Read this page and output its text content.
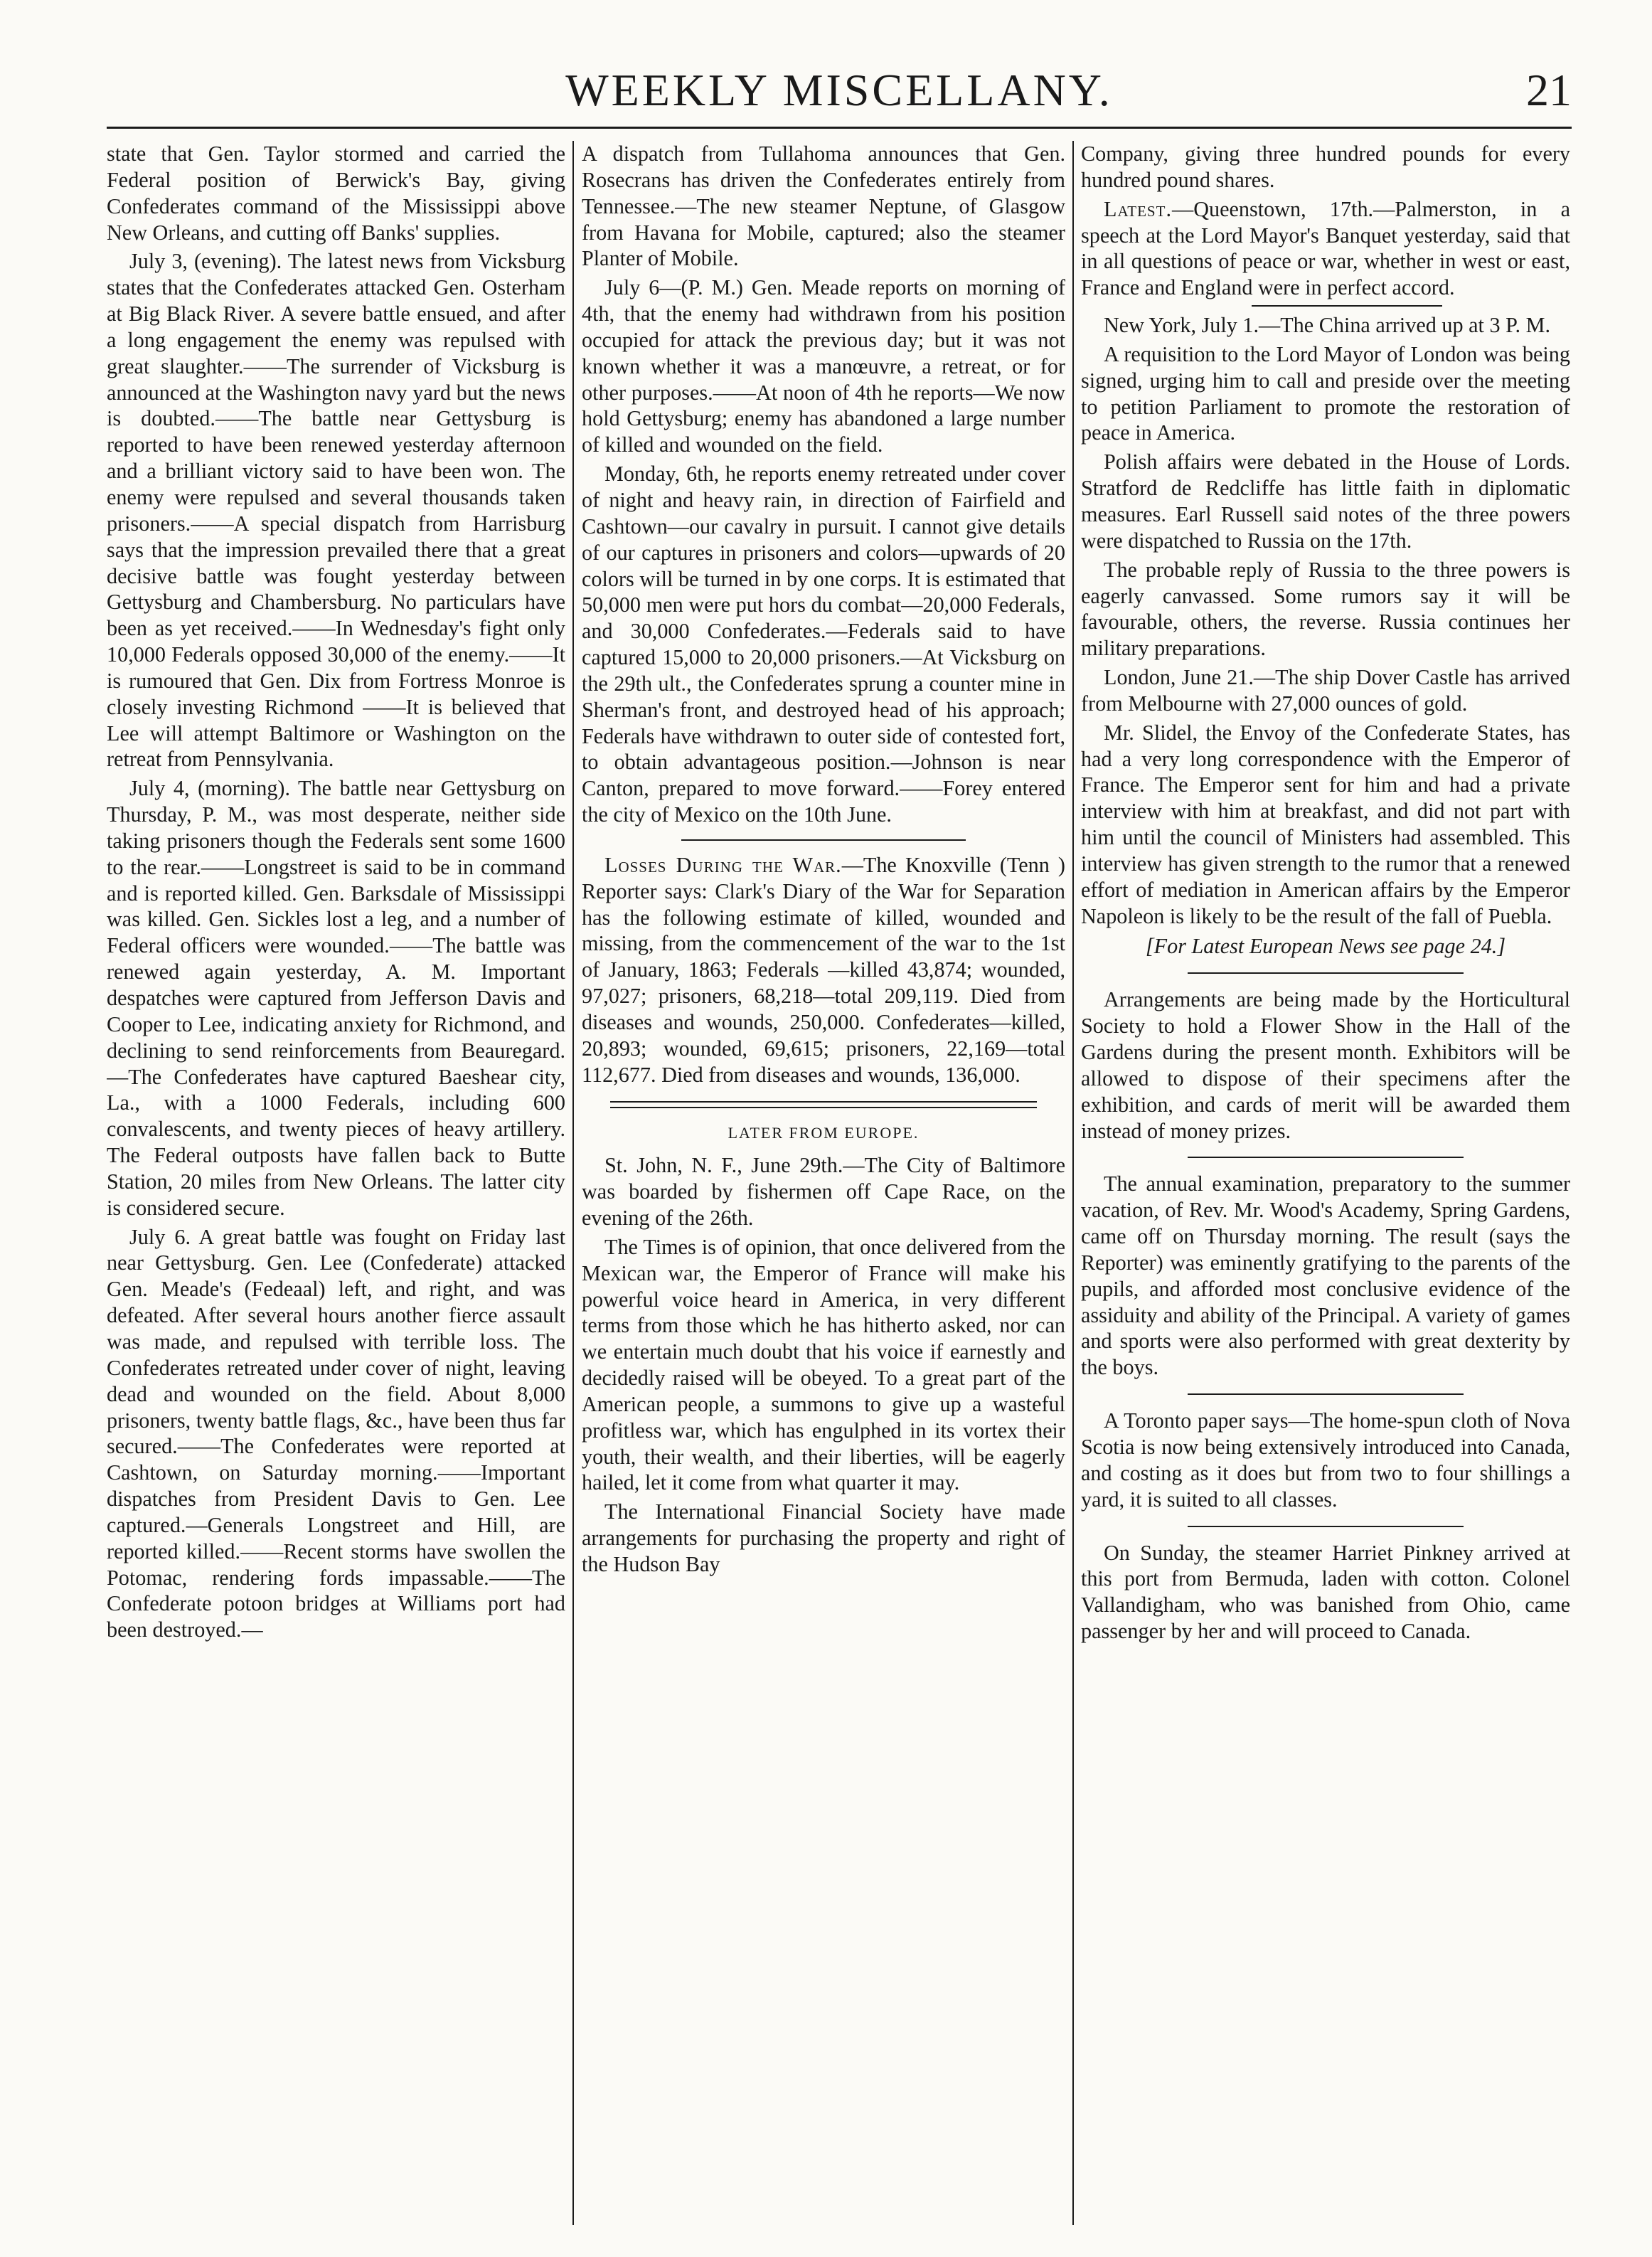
WEEKLY MISCELLANY.	21

state that Gen. Taylor stormed and carried the Federal position of Berwick's Bay, giving Confederates command of the Mississippi above New Orleans, and cutting off Banks' supplies.

July 3, (evening). The latest news from Vicksburg states that the Confederates attacked Gen. Osterham at Big Black River. A severe battle ensued, and after a long engagement the enemy was repulsed with great slaughter.——The surrender of Vicksburg is announced at the Washington navy yard but the news is doubted.——The battle near Gettysburg is reported to have been renewed yesterday afternoon and a brilliant victory said to have been won. The enemy were repulsed and several thousands taken prisoners.——A special dispatch from Harrisburg says that the impression prevailed there that a great decisive battle was fought yesterday between Gettysburg and Chambersburg. No particulars have been as yet received.——In Wednesday's fight only 10,000 Federals opposed 30,000 of the enemy.——It is rumoured that Gen. Dix from Fortress Monroe is closely investing Richmond ——It is believed that Lee will attempt Baltimore or Washington on the retreat from Pennsylvania.

July 4, (morning). The battle near Gettysburg on Thursday, P. M., was most desperate, neither side taking prisoners though the Federals sent some 1600 to the rear.——Longstreet is said to be in command and is reported killed. Gen. Barksdale of Mississippi was killed. Gen. Sickles lost a leg, and a number of Federal officers were wounded.——The battle was renewed again yesterday, A. M. Important despatches were captured from Jefferson Davis and Cooper to Lee, indicating anxiety for Richmond, and declining to send reinforcements from Beauregard.—The Confederates have captured Baeshear city, La., with a 1000 Federals, including 600 convalescents, and twenty pieces of heavy artillery. The Federal outposts have fallen back to Butte Station, 20 miles from New Orleans. The latter city is considered secure.

July 6. A great battle was fought on Friday last near Gettysburg. Gen. Lee (Confederate) attacked Gen. Meade's (Fedeaal) left, and right, and was defeated. After several hours another fierce assault was made, and repulsed with terrible loss. The Confederates retreated under cover of night, leaving dead and wounded on the field. About 8,000 prisoners, twenty battle flags, &c., have been thus far secured.——The Confederates were reported at Cashtown, on Saturday morning.——Important dispatches from President Davis to Gen. Lee captured.—Generals Longstreet and Hill, are reported killed.——Recent storms have swollen the Potomac, rendering fords impassable.——The Confederate potoon bridges at Williams port had been destroyed.—

A dispatch from Tullahoma announces that Gen. Rosecrans has driven the Confederates entirely from Tennessee.—The new steamer Neptune, of Glasgow from Havana for Mobile, captured; also the steamer Planter of Mobile.

July 6—(P. M.) Gen. Meade reports on morning of 4th, that the enemy had withdrawn from his position occupied for attack the previous day; but it was not known whether it was a manœuvre, a retreat, or for other purposes.——At noon of 4th he reports—We now hold Gettysburg; enemy has abandoned a large number of killed and wounded on the field.

Monday, 6th, he reports enemy retreated under cover of night and heavy rain, in direction of Fairfield and Cashtown—our cavalry in pursuit. I cannot give details of our captures in prisoners and colors—upwards of 20 colors will be turned in by one corps. It is estimated that 50,000 men were put hors du combat—20,000 Federals, and 30,000 Confederates.—Federals said to have captured 15,000 to 20,000 prisoners.—At Vicksburg on the 29th ult., the Confederates sprung a counter mine in Sherman's front, and destroyed head of his approach; Federals have withdrawn to outer side of contested fort, to obtain advantageous position.—Johnson is near Canton, prepared to move forward.——Forey entered the city of Mexico on the 10th June.

Losses During the War.—The Knoxville (Tenn ) Reporter says: Clark's Diary of the War for Separation has the following estimate of killed, wounded and missing, from the commencement of the war to the 1st of January, 1863; Federals —killed 43,874; wounded, 97,027; prisoners, 68,218—total 209,119. Died from diseases and wounds, 250,000. Confederates—killed, 20,893; wounded, 69,615; prisoners, 22,169—total 112,677. Died from diseases and wounds, 136,000.

LATER FROM EUROPE.

St. John, N. F., June 29th.—The City of Baltimore was boarded by fishermen off Cape Race, on the evening of the 26th.

The Times is of opinion, that once delivered from the Mexican war, the Emperor of France will make his powerful voice heard in America, in very different terms from those which he has hitherto asked, nor can we entertain much doubt that his voice if earnestly and decidedly raised will be obeyed. To a great part of the American people, a summons to give up a wasteful profitless war, which has engulphed in its vortex their youth, their wealth, and their liberties, will be eagerly hailed, let it come from what quarter it may.

The International Financial Society have made arrangements for purchasing the property and right of the Hudson Bay

Company, giving three hundred pounds for every hundred pound shares.

Latest.—Queenstown, 17th.—Palmerston, in a speech at the Lord Mayor's Banquet yesterday, said that in all questions of peace or war, whether in west or east, France and England were in perfect accord.

New York, July 1.—The China arrived up at 3 P. M.

A requisition to the Lord Mayor of London was being signed, urging him to call and preside over the meeting to petition Parliament to promote the restoration of peace in America.

Polish affairs were debated in the House of Lords. Stratford de Redcliffe has little faith in diplomatic measures. Earl Russell said notes of the three powers were dispatched to Russia on the 17th.

The probable reply of Russia to the three powers is eagerly canvassed. Some rumors say it will be favourable, others, the reverse. Russia continues her military preparations.

London, June 21.—The ship Dover Castle has arrived from Melbourne with 27,000 ounces of gold.

Mr. Slidel, the Envoy of the Confederate States, has had a very long correspondence with the Emperor of France. The Emperor sent for him and had a private interview with him at breakfast, and did not part with him until the council of Ministers had assembled. This interview has given strength to the rumor that a renewed effort of mediation in American affairs by the Emperor Napoleon is likely to be the result of the fall of Puebla.

[For Latest European News see page 24.]

Arrangements are being made by the Horticultural Society to hold a Flower Show in the Hall of the Gardens during the present month. Exhibitors will be allowed to dispose of their specimens after the exhibition, and cards of merit will be awarded them instead of money prizes.

The annual examination, preparatory to the summer vacation, of Rev. Mr. Wood's Academy, Spring Gardens, came off on Thursday morning. The result (says the Reporter) was eminently gratifying to the parents of the pupils, and afforded most conclusive evidence of the assiduity and ability of the Principal. A variety of games and sports were also performed with great dexterity by the boys.

A Toronto paper says—The home-spun cloth of Nova Scotia is now being extensively introduced into Canada, and costing as it does but from two to four shillings a yard, it is suited to all classes.

On Sunday, the steamer Harriet Pinkney arrived at this port from Bermuda, laden with cotton. Colonel Vallandigham, who was banished from Ohio, came passenger by her and will proceed to Canada.
